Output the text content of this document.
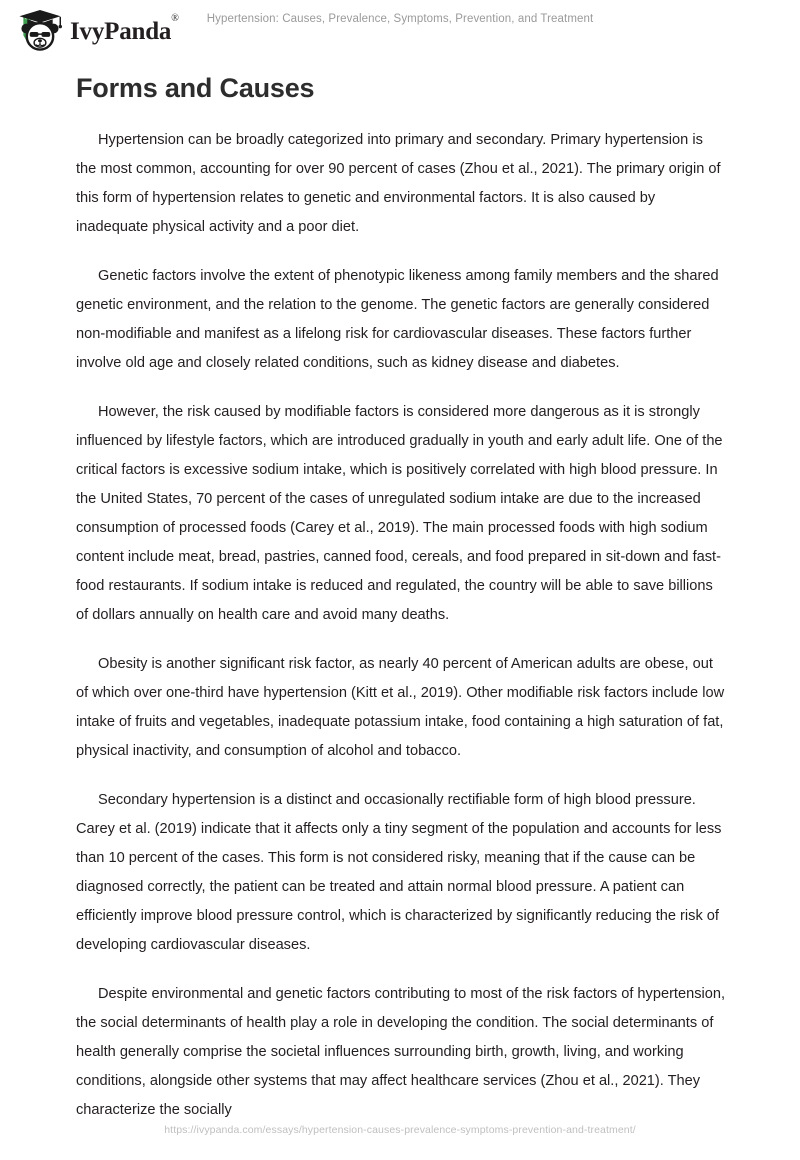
IvyPanda®	Hypertension: Causes, Prevalence, Symptoms, Prevention, and Treatment
Forms and Causes

Hypertension can be broadly categorized into primary and secondary. Primary hypertension is the most common, accounting for over 90 percent of cases (Zhou et al., 2021). The primary origin of this form of hypertension relates to genetic and environmental factors. It is also caused by inadequate physical activity and a poor diet.

Genetic factors involve the extent of phenotypic likeness among family members and the shared genetic environment, and the relation to the genome. The genetic factors are generally considered non-modifiable and manifest as a lifelong risk for cardiovascular diseases. These factors further involve old age and closely related conditions, such as kidney disease and diabetes.

However, the risk caused by modifiable factors is considered more dangerous as it is strongly influenced by lifestyle factors, which are introduced gradually in youth and early adult life. One of the critical factors is excessive sodium intake, which is positively correlated with high blood pressure. In the United States, 70 percent of the cases of unregulated sodium intake are due to the increased consumption of processed foods (Carey et al., 2019). The main processed foods with high sodium content include meat, bread, pastries, canned food, cereals, and food prepared in sit-down and fast-food restaurants. If sodium intake is reduced and regulated, the country will be able to save billions of dollars annually on health care and avoid many deaths.

Obesity is another significant risk factor, as nearly 40 percent of American adults are obese, out of which over one-third have hypertension (Kitt et al., 2019). Other modifiable risk factors include low intake of fruits and vegetables, inadequate potassium intake, food containing a high saturation of fat, physical inactivity, and consumption of alcohol and tobacco.

Secondary hypertension is a distinct and occasionally rectifiable form of high blood pressure. Carey et al. (2019) indicate that it affects only a tiny segment of the population and accounts for less than 10 percent of the cases. This form is not considered risky, meaning that if the cause can be diagnosed correctly, the patient can be treated and attain normal blood pressure. A patient can efficiently improve blood pressure control, which is characterized by significantly reducing the risk of developing cardiovascular diseases.

Despite environmental and genetic factors contributing to most of the risk factors of hypertension, the social determinants of health play a role in developing the condition. The social determinants of health generally comprise the societal influences surrounding birth, growth, living, and working conditions, alongside other systems that may affect healthcare services (Zhou et al., 2021). They characterize the socially

https://ivypanda.com/essays/hypertension-causes-prevalence-symptoms-prevention-and-treatment/
